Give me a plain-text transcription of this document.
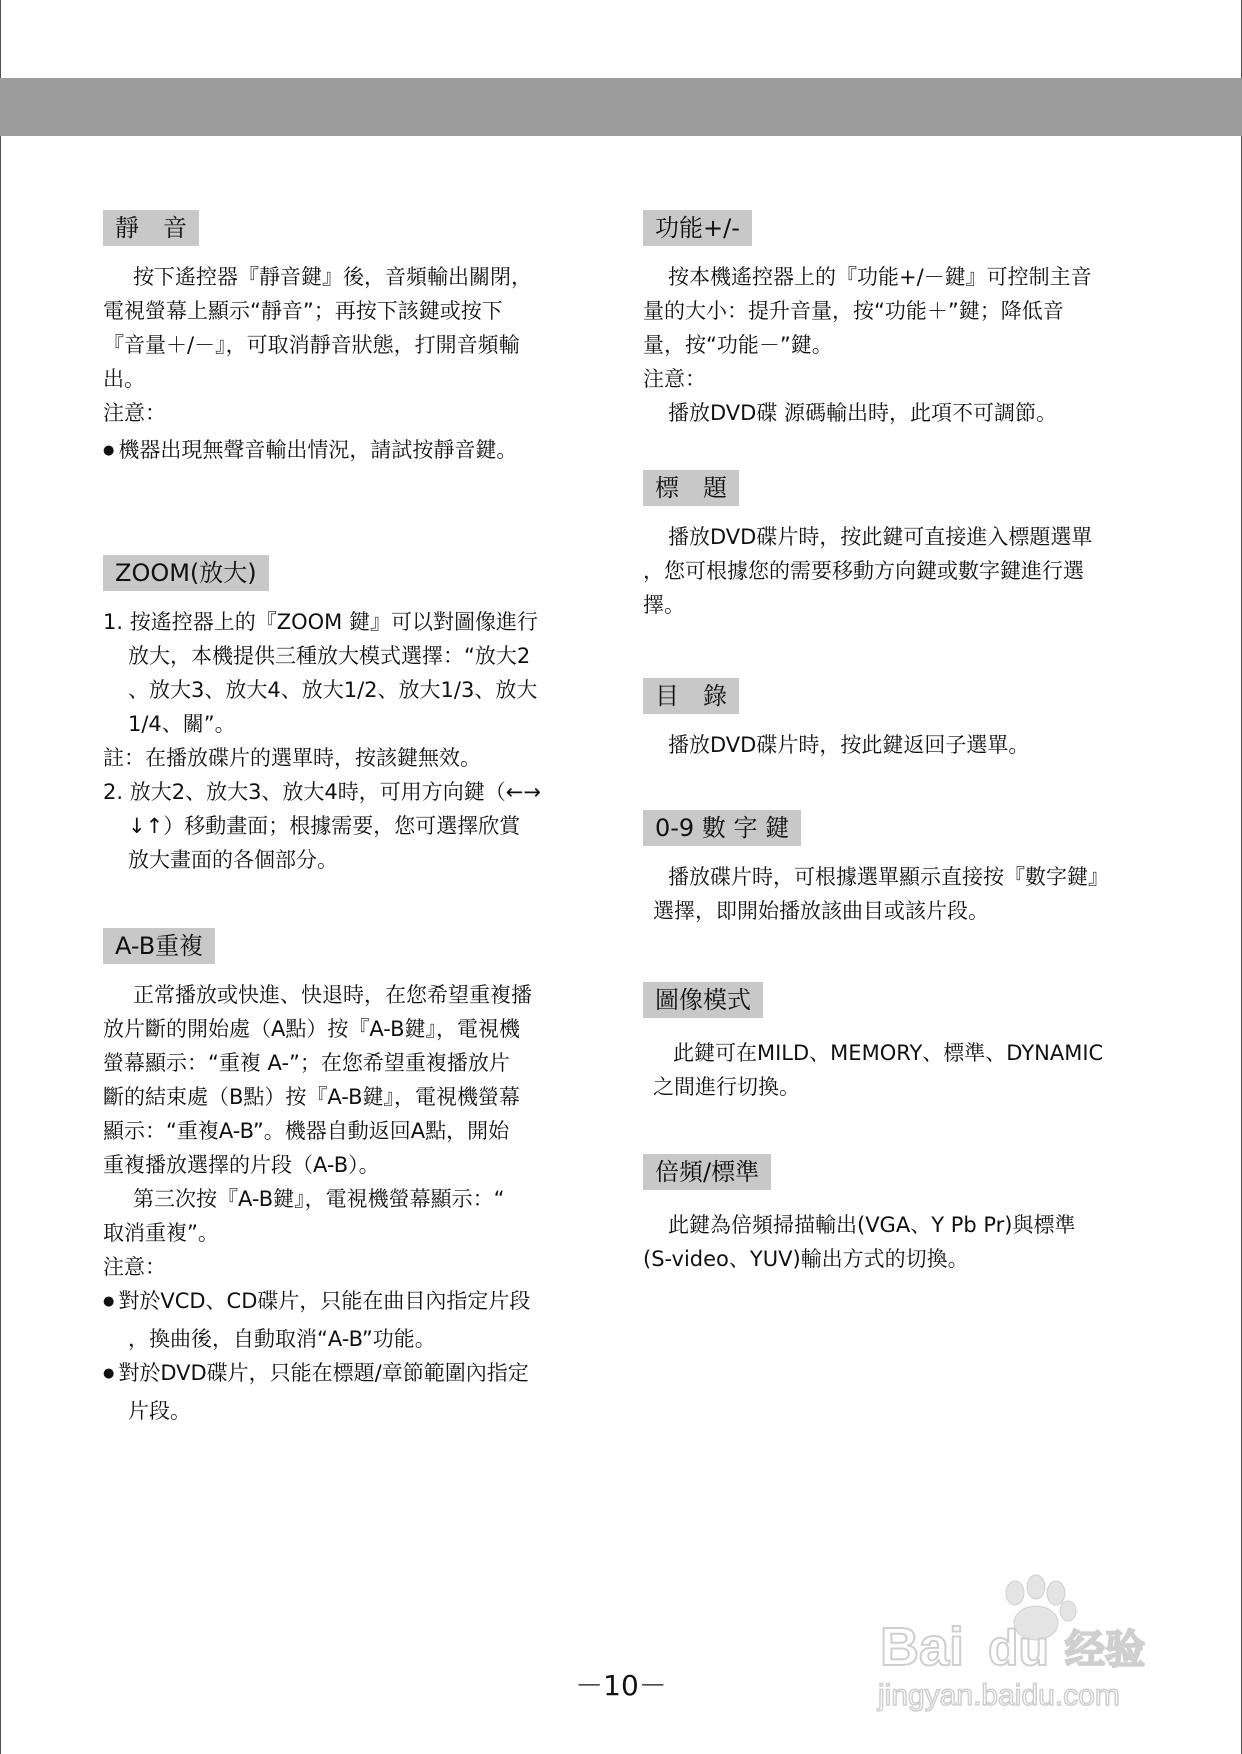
靜　音
按下遙控器『靜音鍵』後，音頻輸出關閉，
電視螢幕上顯示“靜音”；再按下該鍵或按下
『音量＋/－』，可取消靜音狀態，打開音頻輸
出。
注意：
● 機器出現無聲音輸出情況，請試按靜音鍵。
ZOOM(放大)
1. 按遙控器上的『ZOOM 鍵』可以對圖像進行
放大，本機提供三種放大模式選擇：“放大2
、放大3、放大4、放大1/2、放大1/3、放大
1/4、關”。
註：在播放碟片的選單時，按該鍵無效。
2. 放大2、放大3、放大4時，可用方向鍵（←→
↓↑）移動畫面；根據需要，您可選擇欣賞
放大畫面的各個部分。
A-B重複
正常播放或快進、快退時，在您希望重複播
放片斷的開始處（A點）按『A-B鍵』，電視機
螢幕顯示：“重複 A-”；在您希望重複播放片
斷的結束處（B點）按『A-B鍵』，電視機螢幕
顯示：“重複A-B”。機器自動返回A點，開始
重複播放選擇的片段（A-B）。
第三次按『A-B鍵』，電視機螢幕顯示：“
取消重複”。
注意：
● 對於VCD、CD碟片，只能在曲目內指定片段
，換曲後，自動取消“A-B”功能。
● 對於DVD碟片，只能在標題/章節範圍內指定
片段。
功能+/-
按本機遙控器上的『功能+/－鍵』可控制主音
量的大小：提升音量，按“功能＋”鍵；降低音
量，按“功能－”鍵。
注意：
播放DVD碟 源碼輸出時，此項不可調節。
標　題
播放DVD碟片時，按此鍵可直接進入標題選單
，您可根據您的需要移動方向鍵或數字鍵進行選
擇。
目　錄
播放DVD碟片時，按此鍵返回子選單。
0-9 數 字 鍵
播放碟片時，可根據選單顯示直接按『數字鍵』
選擇，即開始播放該曲目或該片段。
圖像模式
此鍵可在MILD、MEMORY、標準、DYNAMIC
之間進行切換。
倍頻/標準
此鍵為倍頻掃描輸出(VGA、Y Pb Pr)與標準
(S-video、YUV)輸出方式的切換。
－10－
Bai du 经验
jingyan.baidu.com
